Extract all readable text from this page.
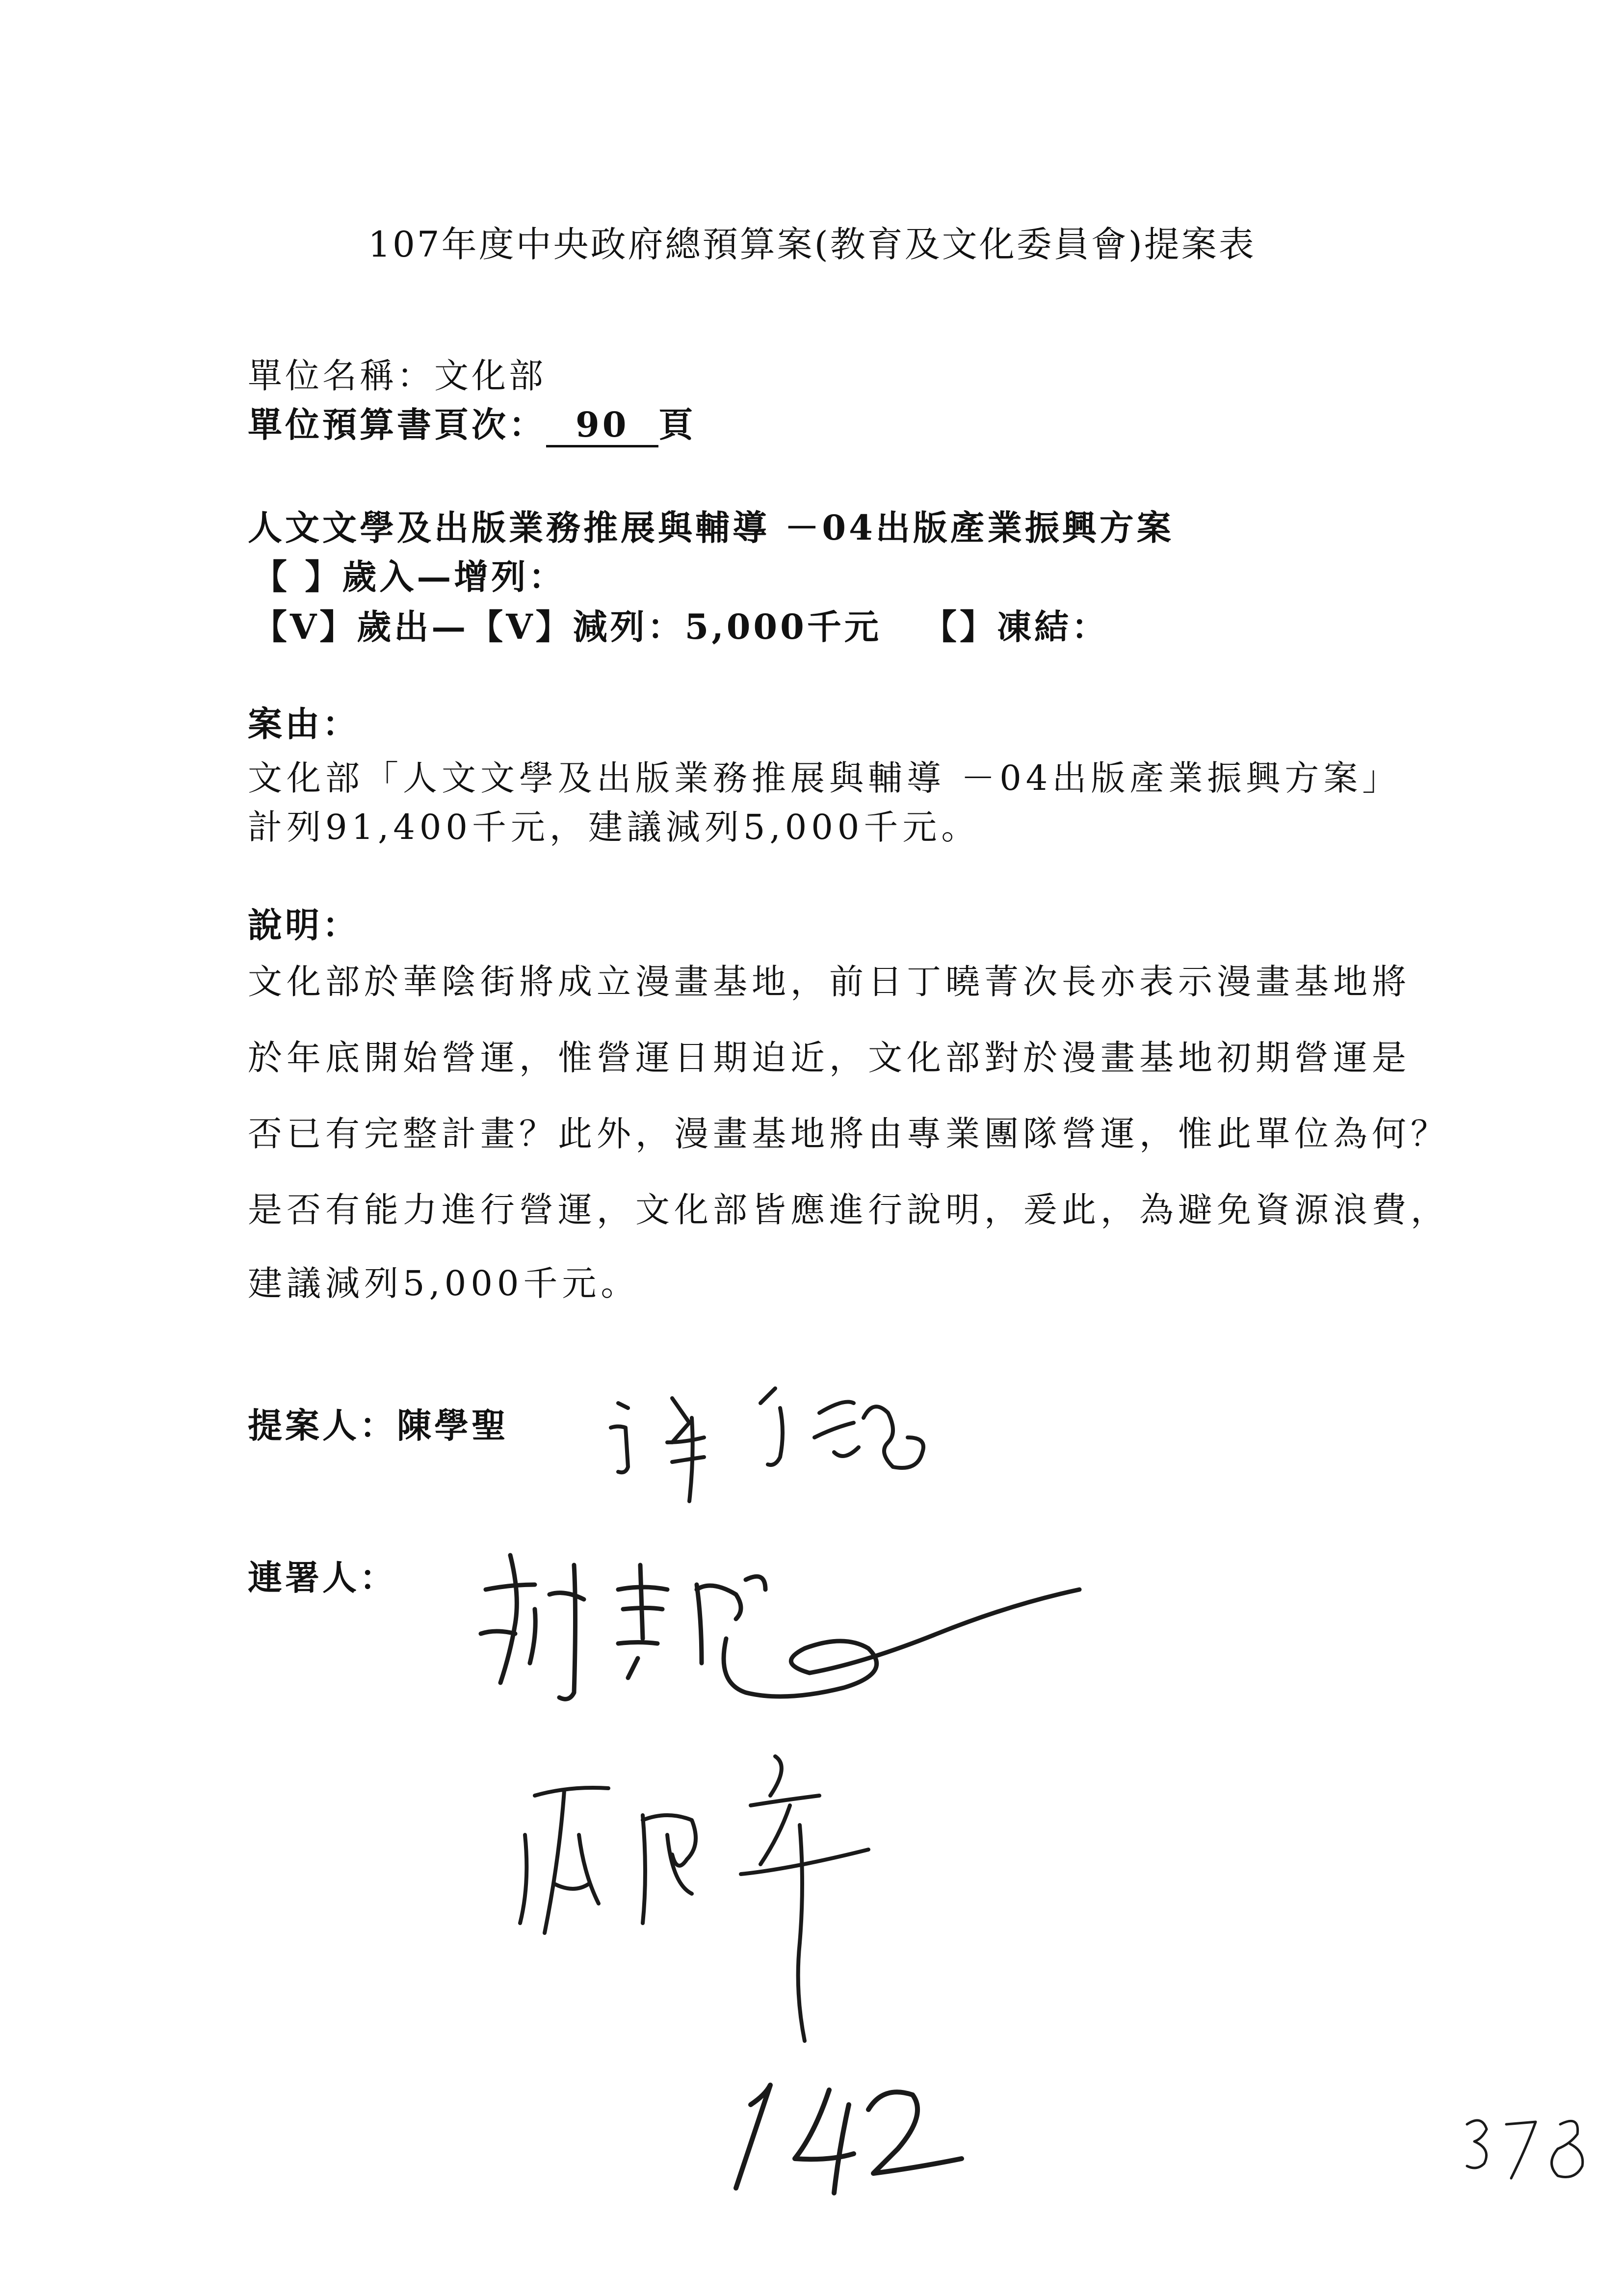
107年度中央政府總預算案(教育及文化委員會)提案表
單位名稱：文化部
單位預算書頁次： 90 頁
人文文學及出版業務推展與輔導 －04出版產業振興方案
【 】歲入—增列：
【V】歲出—【V】減列：5,000千元 【】凍結：
案由：
文化部「人文文學及出版業務推展與輔導 －04出版產業振興方案」
計列91,400千元，建議減列5,000千元。
說明：
文化部於華陰街將成立漫畫基地，前日丁曉菁次長亦表示漫畫基地將
於年底開始營運，惟營運日期迫近，文化部對於漫畫基地初期營運是
否已有完整計畫？此外，漫畫基地將由專業團隊營運，惟此單位為何？
是否有能力進行營運，文化部皆應進行說明，爰此，為避免資源浪費，
建議減列5,000千元。
提案人：陳學聖
連署人：
